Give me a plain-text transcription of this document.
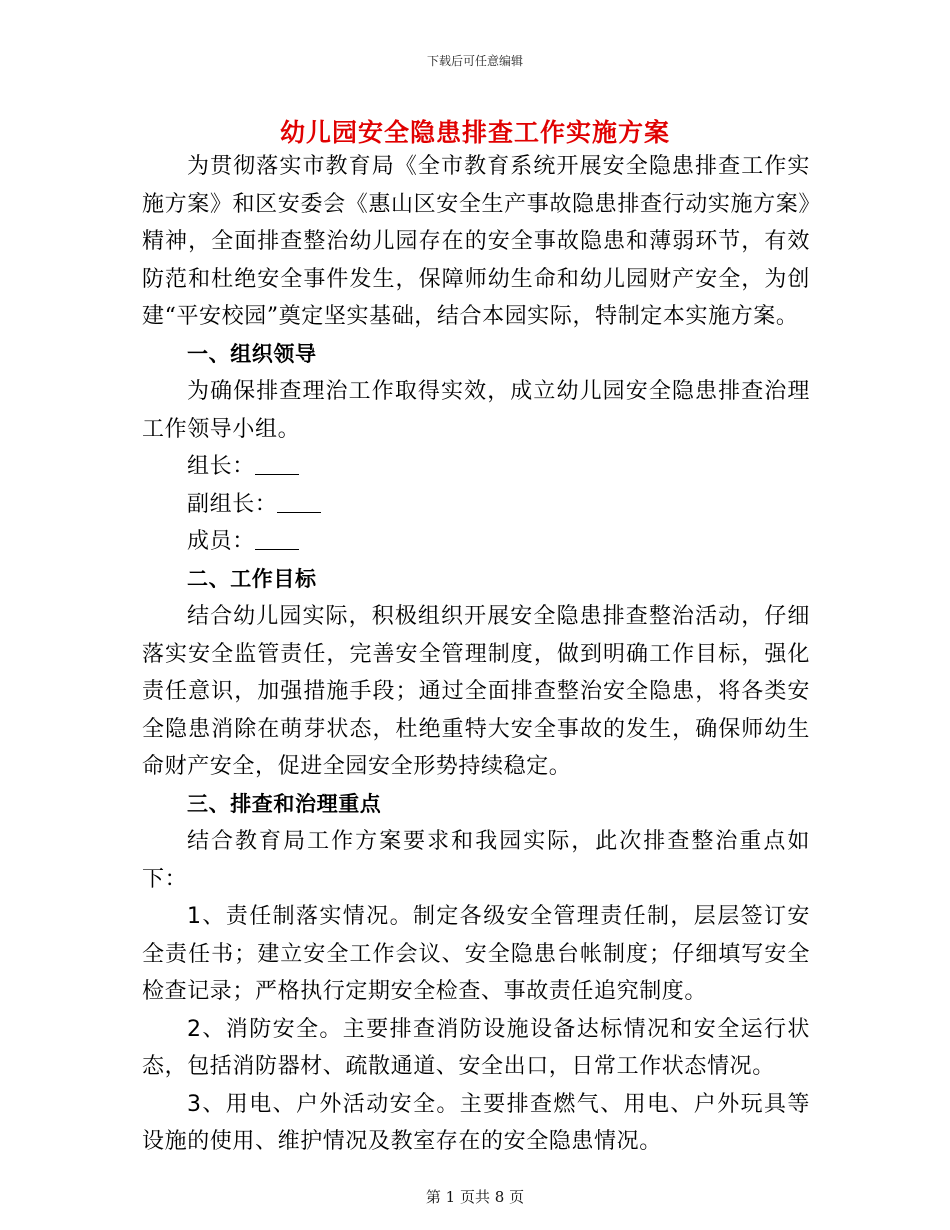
下载后可任意编辑
幼儿园安全隐患排查工作实施方案

为贯彻落实市教育局《全市教育系统开展安全隐患排查工作实施方案》和区安委会《惠山区安全生产事故隐患排查行动实施方案》精神，全面排查整治幼儿园存在的安全事故隐患和薄弱环节，有效防范和杜绝安全事件发生，保障师幼生命和幼儿园财产安全，为创建“平安校园”奠定坚实基础，结合本园实际，特制定本实施方案。

一、组织领导

为确保排查理治工作取得实效，成立幼儿园安全隐患排查治理工作领导小组。

组长：

副组长：

成员：

二、工作目标

结合幼儿园实际，积极组织开展安全隐患排查整治活动，仔细落实安全监管责任，完善安全管理制度，做到明确工作目标，强化责任意识，加强措施手段；通过全面排查整治安全隐患，将各类安全隐患消除在萌芽状态，杜绝重特大安全事故的发生，确保师幼生命财产安全，促进全园安全形势持续稳定。

三、排查和治理重点

结合教育局工作方案要求和我园实际，此次排查整治重点如下：

1、责任制落实情况。制定各级安全管理责任制，层层签订安全责任书；建立安全工作会议、安全隐患台帐制度；仔细填写安全检查记录；严格执行定期安全检查、事故责任追究制度。

2、消防安全。主要排查消防设施设备达标情况和安全运行状态，包括消防器材、疏散通道、安全出口，日常工作状态情况。

3、用电、户外活动安全。主要排查燃气、用电、户外玩具等设施的使用、维护情况及教室存在的安全隐患情况。

第 1 页共 8 页
